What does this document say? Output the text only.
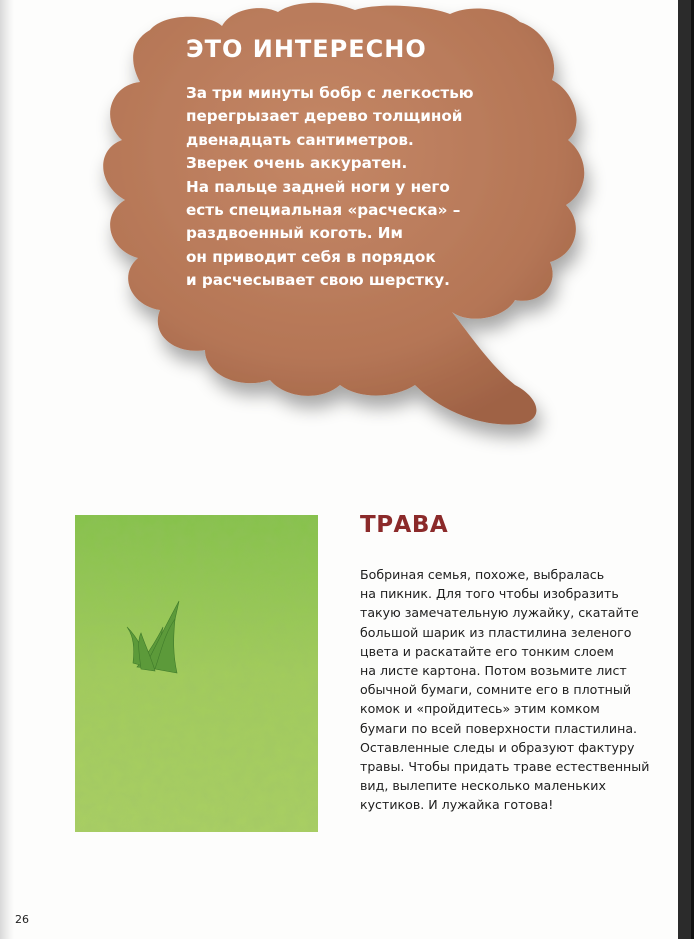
ЭТО ИНТЕРЕСНО
За три минуты бобр с легкостью
перегрызает дерево толщиной
двенадцать сантиметров.
Зверек очень аккуратен.
На пальце задней ноги у него
есть специальная «расческа» –
раздвоенный коготь. Им
он приводит себя в порядок
и расчесывает свою шерстку.
ТРАВА
Бобриная семья, похоже, выбралась
на пикник. Для того чтобы изобразить
такую замечательную лужайку, скатайте
большой шарик из пластилина зеленого
цвета и раскатайте его тонким слоем
на листе картона. Потом возьмите лист
обычной бумаги, сомните его в плотный
комок и «пройдитесь» этим комком
бумаги по всей поверхности пластилина.
Оставленные следы и образуют фактуру
травы. Чтобы придать траве естественный
вид, вылепите несколько маленьких
кустиков. И лужайка готова!
26
